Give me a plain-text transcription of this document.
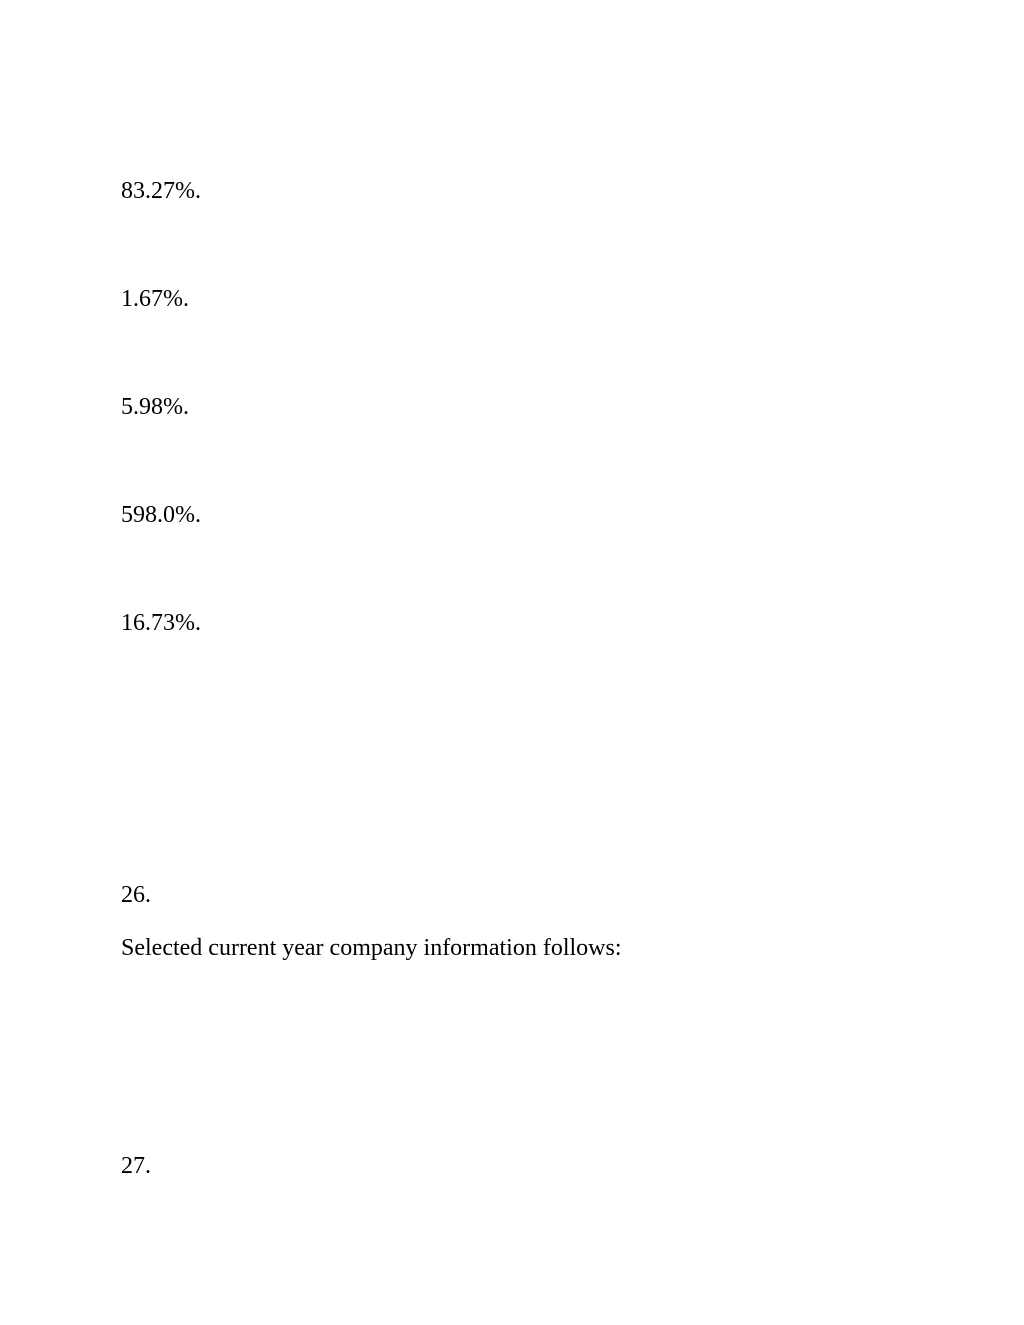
83.27%.

1.67%.

5.98%.

598.0%.

16.73%.

26.

Selected current year company information follows:

27.
